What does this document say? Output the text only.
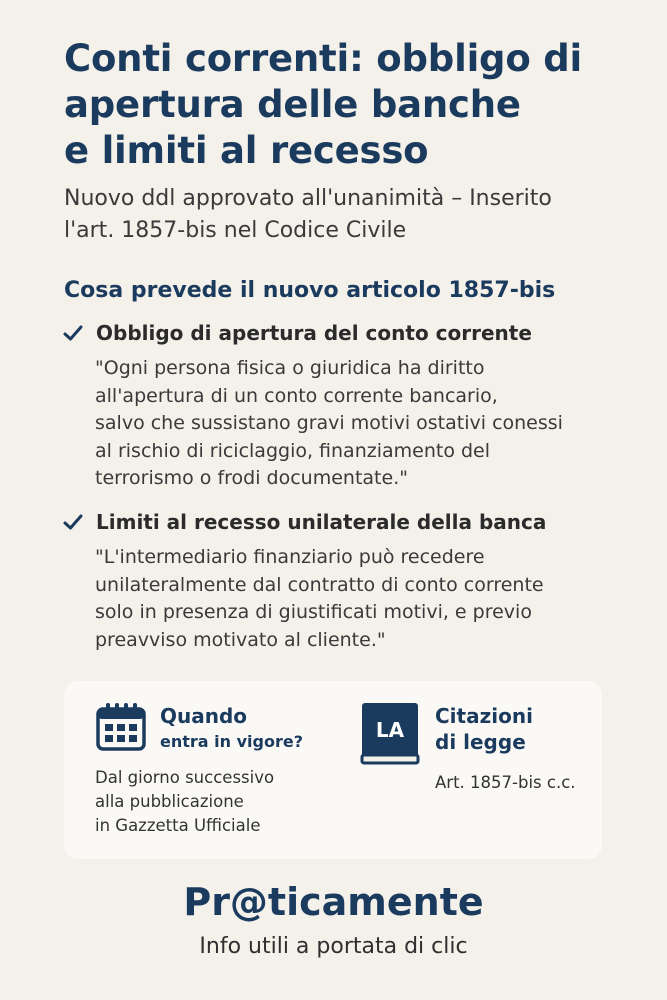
Conti correnti: obbligo di
apertura delle banche
e limiti al recesso

Nuovo ddl approvato all'unanimità – Inserito
l'art. 1857-bis nel Codice Civile

Cosa prevede il nuovo articolo 1857-bis
Obbligo di apertura del conto corrente

"Ogni persona fisica o giuridica ha diritto
all'apertura di un conto corrente bancario,
salvo che sussistano gravi motivi ostativi conessi
al rischio di riciclaggio, finanziamento del
terrorismo o frodi documentate."

Limiti al recesso unilaterale della banca

"L'intermediario finanziario può recedere
unilateralmente dal contratto di conto corrente
solo in presenza di giustificati motivi, e previo
preavviso motivato al cliente."

Quando
entra in vigore?

Dal giorno successivo
alla pubblicazione
in Gazzetta Ufficiale

LA
Citazioni
di legge

Art. 1857-bis c.c.

Pr@ticamente
Info utili a portata di clic
